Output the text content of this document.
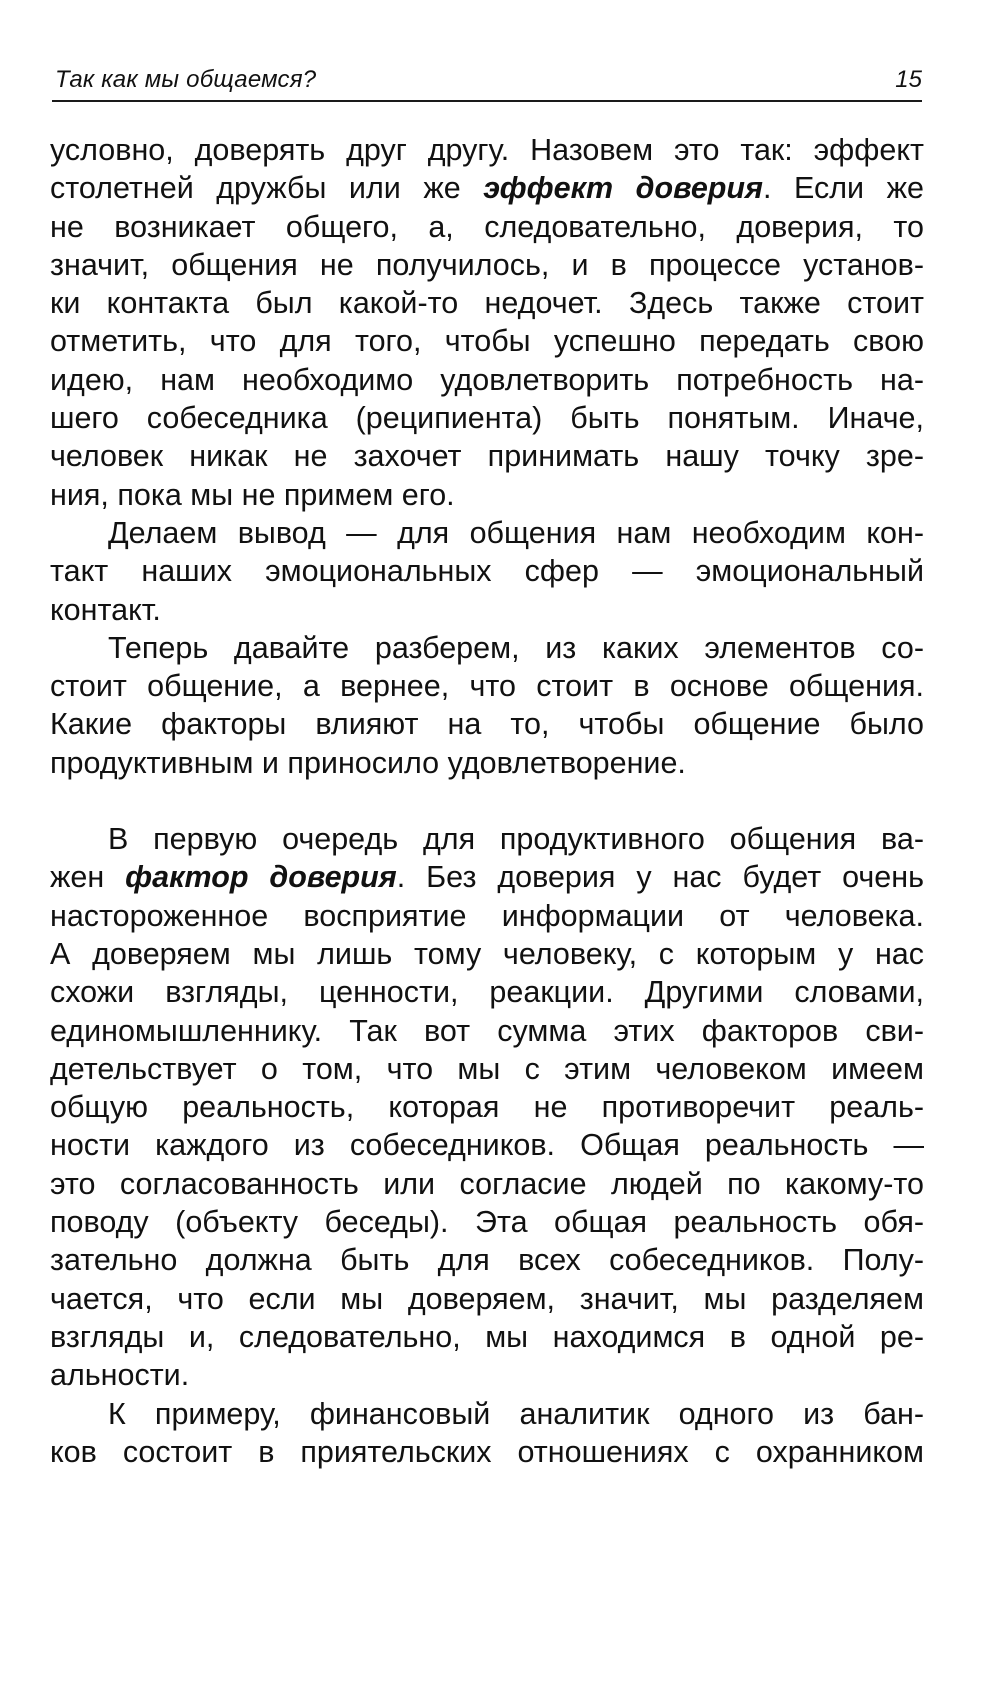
Так как мы общаемся?	15
условно, доверять друг другу. Назовем это так: эффект
столетней дружбы или же эффект доверия. Если же
не возникает общего, а, следовательно, доверия, то
значит, общения не получилось, и в процессе установ-
ки контакта был какой-то недочет. Здесь также стоит
отметить, что для того, чтобы успешно передать свою
идею, нам необходимо удовлетворить потребность на-
шего собеседника (реципиента) быть понятым. Иначе,
человек никак не захочет принимать нашу точку зре-
ния, пока мы не примем его.
Делаем вывод — для общения нам необходим кон-
такт наших эмоциональных сфер — эмоциональный
контакт.
Теперь давайте разберем, из каких элементов со-
стоит общение, а вернее, что стоит в основе общения.
Какие факторы влияют на то, чтобы общение было
продуктивным и приносило удовлетворение.
В первую очередь для продуктивного общения ва-
жен фактор доверия. Без доверия у нас будет очень
настороженное восприятие информации от человека.
А доверяем мы лишь тому человеку, с которым у нас
схожи взгляды, ценности, реакции. Другими словами,
единомышленнику. Так вот сумма этих факторов сви-
детельствует о том, что мы с этим человеком имеем
общую реальность, которая не противоречит реаль-
ности каждого из собеседников. Общая реальность —
это согласованность или согласие людей по какому-то
поводу (объекту беседы). Эта общая реальность обя-
зательно должна быть для всех собеседников. Полу-
чается, что если мы доверяем, значит, мы разделяем
взгляды и, следовательно, мы находимся в одной ре-
альности.
К примеру, финансовый аналитик одного из бан-
ков состоит в приятельских отношениях с охранником
